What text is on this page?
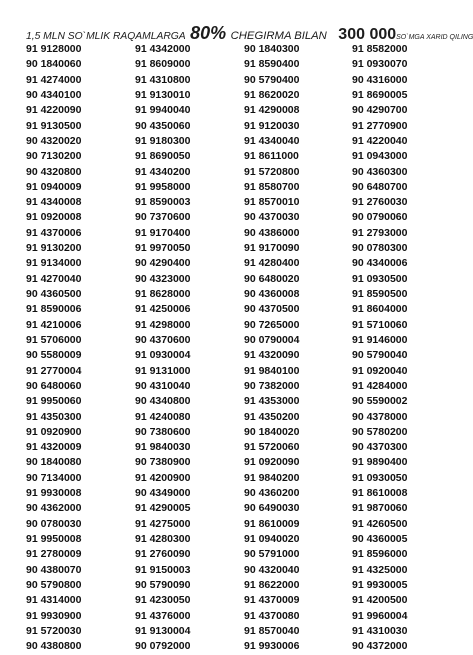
1,5 MLN SO`MLIK RAQAMLARGA 80% CHEGIRMA BILAN 300 000SO`MGA XARID QILING
91 9128000
90 1840060
91 4274000
90 4340100
91 4220090
91 9130500
90 4320020
90 7130200
90 4320800
91 0940009
91 4340008
91 0920008
91 4370006
91 9130200
91 9134000
91 4270040
90 4360500
91 8590006
91 4210006
91 5706000
90 5580009
91 2770004
90 6480060
91 9950060
91 4350300
91 0920900
91 4320009
90 1840080
90 7134000
91 9930008
90 4362000
90 0780030
91 9950008
91 2780009
90 4380070
90 5790800
91 4314000
91 9930900
91 5720030
90 4380800
91 4342000
91 8609000
91 4310800
91 9130010
91 9940040
90 4350060
91 9180300
91 8690050
91 4340200
91 9958000
91 8590003
90 7370600
91 9170400
91 9970050
90 4290400
90 4323000
91 8628000
91 4250006
91 4298000
90 4370600
91 0930004
91 9131000
90 4310040
90 4340800
91 4240080
90 7380600
91 9840030
90 7380900
91 4200900
90 4349000
91 4290005
91 4275000
91 4280300
91 2760090
91 9150003
90 5790090
91 4230050
91 4376000
91 9130004
90 0792000
90 1840300
91 8590400
90 5790400
91 8620020
91 4290008
91 9120030
91 4340040
91 8611000
91 5720800
91 8580700
91 8570010
90 4370030
90 4386000
91 9170090
91 4280400
90 6480020
90 4360008
90 4370500
90 7265000
90 0790004
91 4320090
91 9840100
90 7382000
91 4353000
91 4350200
90 1840020
91 5720060
91 0920090
91 9840200
90 4360200
90 6490030
91 8610009
91 0940020
90 5791000
90 4320040
91 8622000
91 4370009
91 4370080
91 8570040
91 9930006
91 8582000
91 0930070
90 4316000
91 8690005
90 4290700
91 2770900
91 4220040
91 0943000
90 4360300
90 6480700
91 2760030
90 0790060
91 2793000
90 0780300
90 4340006
91 0930500
91 8590500
91 8604000
91 5710060
91 9146000
90 5790040
91 0920040
91 4284000
90 5590002
90 4378000
90 5780200
90 4370300
91 9890400
91 0930050
91 8610008
91 9870060
91 4260500
90 4360005
91 8596000
91 4325000
91 9930005
91 4200500
91 9960004
91 4310030
90 4372000
